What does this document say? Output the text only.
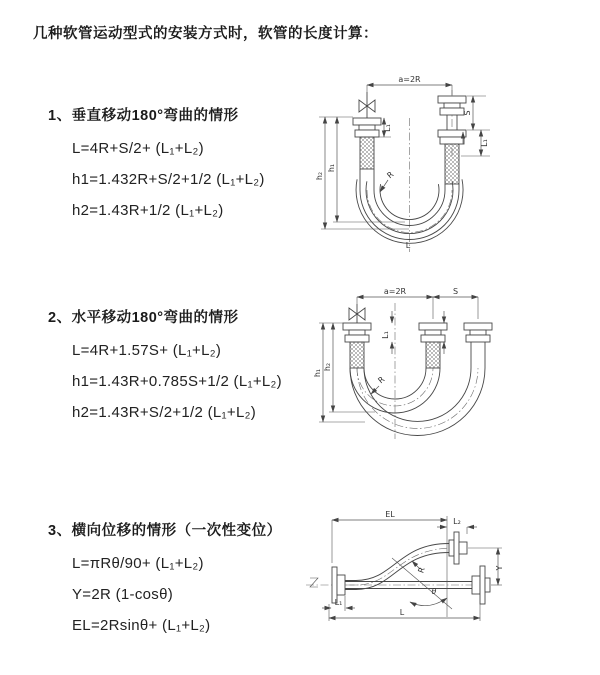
几种软管运动型式的安装方式时，软管的长度计算：
1、垂直移动180°弯曲的情形
L=4R+S/2+ (L₁+L₂)
h1=1.432R+S/2+1/2 (L₁+L₂)
h2=1.43R+1/2 (L₁+L₂)
2、水平移动180°弯曲的情形
L=4R+1.57S+ (L₁+L₂)
h1=1.43R+0.785S+1/2 (L₁+L₂)
h2=1.43R+S/2+1/2 (L₁+L₂)
3、横向位移的情形（一次性变位）
L=πRθ/90+ (L₁+L₂)
Y=2R (1-cosθ)
EL=2Rsinθ+ (L₁+L₂)
a=2R
h₂
h₁
L₁
S
L₁
R
L
a=2R	S
h₁
h₂
L₁
R
EL
L₂
Y
L
L₁
θ
R
